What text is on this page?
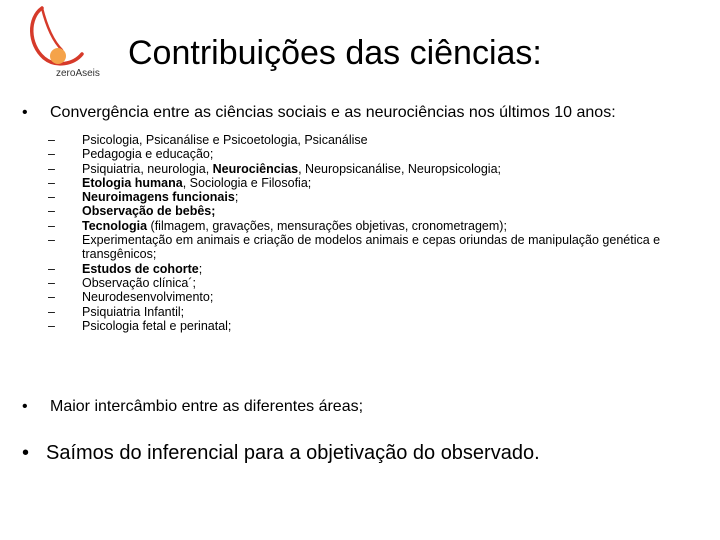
zeroAseis
Contribuições das ciências:
•	Convergência entre as ciências sociais e as neurociências nos últimos 10 anos:
–	Psicologia, Psicanálise e Psicoetologia, Psicanálise
–	Pedagogia e educação;
–	Psiquiatria, neurologia, Neurociências, Neuropsicanálise, Neuropsicologia;
–	Etologia humana, Sociologia e Filosofia;
–	Neuroimagens funcionais;
–	Observação de bebês;
–	Tecnologia (filmagem, gravações, mensurações objetivas, cronometragem);
–	Experimentação em animais e criação de modelos animais e cepas oriundas de manipulação genética e transgênicos;
–	Estudos de cohorte;
–	Observação clínica´;
–	Neurodesenvolvimento;
–	Psiquiatria Infantil;
–	Psicologia fetal e perinatal;
•	Maior intercâmbio entre as diferentes áreas;
• Saímos do inferencial para a objetivação do observado.
